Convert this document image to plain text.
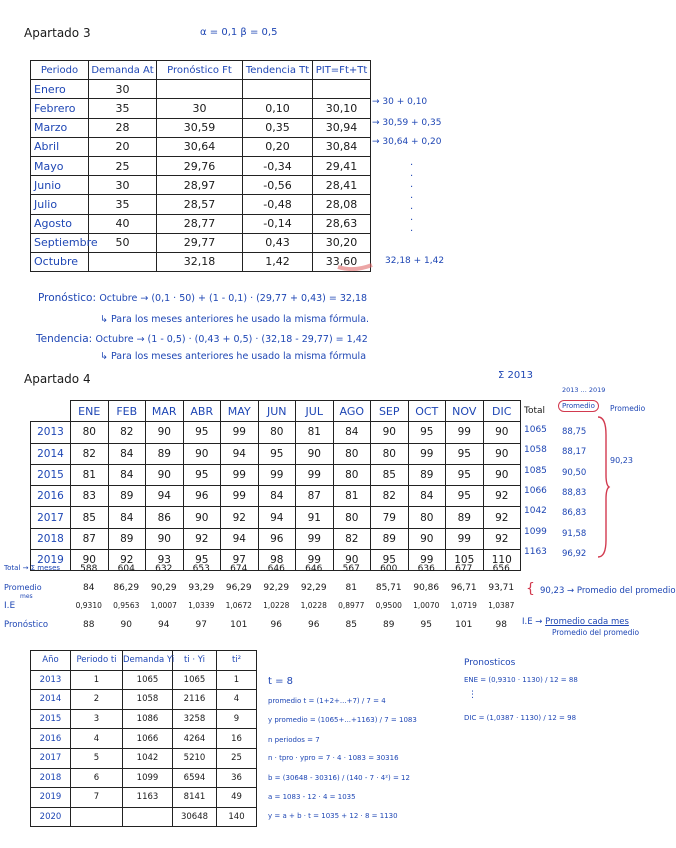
Apartado 3	α = 0,1 β = 0,5
Periodo	Demanda At	Pronóstico Ft	Tendencia Tt	PIT=Ft+Tt
Enero	30			
Febrero	35	30	0,10	30,10
Marzo	28	30,59	0,35	30,94
Abril	20	30,64	0,20	30,84
Mayo	25	29,76	-0,34	29,41
Junio	30	28,97	-0,56	28,41
Julio	35	28,57	-0,48	28,08
Agosto	40	28,77	-0,14	28,63
Septiembre	50	29,77	0,43	30,20
Octubre		32,18	1,42	33,60
→ 30 + 0,10
→ 30,59 + 0,35
→ 30,64 + 0,20
·
·
·
·
·
·
·
32,18 + 1,42
Pronóstico: Octubre → (0,1 · 50) + (1 - 0,1) · (29,77 + 0,43) = 32,18
↳ Para los meses anteriores he usado la misma fórmula.
Tendencia: Octubre → (1 - 0,5) · (0,43 + 0,5) · (32,18 - 29,77) = 1,42
↳ Para los meses anteriores he usado la misma fórmula
Apartado 4	Σ 2013
	ENE	FEB	MAR	ABR	MAY	JUN	JUL	AGO	SEP	OCT	NOV	DIC
2013	80	82	90	95	99	80	81	84	90	95	99	90
2014	82	84	89	90	94	95	90	80	80	99	95	90
2015	81	84	90	95	99	99	99	80	85	89	95	90
2016	83	89	94	96	99	84	87	81	82	84	95	92
2017	85	84	86	90	92	94	91	80	79	80	89	92
2018	87	89	90	92	94	96	99	82	89	90	99	92
2019	90	92	93	95	97	98	99	90	95	99	105	110
Total	Promedio
2013 ... 2019
Promedio
1065 88,75
1058 88,17
1085 90,50
1066 88,83
1042 86,83
1099 91,58
1163 96,92
90,23
Total → Σ meses	588	604	632	653	674	646	646	567	600	636	677	656
Promedio	84	86,29	90,29	93,29	96,29	92,29	92,29	81	85,71	90,86	96,71	93,71
I.E	0,9310	0,9563	1,0007	1,0339	1,0672	1,0228	1,0228	0,8977	0,9500	1,0070	1,0719	1,0387
Pronóstico	88	90	94	97	101	96	96	85	89	95	101	98
mes	{ 90,23 → Promedio del promedio
I.E → Promedio cada mes
Promedio del promedio
Año	Periodo ti	Demanda Yi	ti · Yi	ti²
2013	1	1065	1065	1
2014	2	1058	2116	4
2015	3	1086	3258	9
2016	4	1066	4264	16
2017	5	1042	5210	25
2018	6	1099	6594	36
2019	7	1163	8141	49
2020			30648	140
t = 8
promedio t = (1+2+...+7) / 7 = 4
y promedio = (1065+...+1163) / 7 = 1083
n periodos = 7
n · tpro · ypro = 7 · 4 · 1083 = 30316
b = (30648 - 30316) / (140 - 7 · 4²) = 12
a = 1083 - 12 · 4 = 1035
y = a + b · t = 1035 + 12 · 8 = 1130
Pronosticos
ENE = (0,9310 · 1130) / 12 = 88
⋮
DIC = (1,0387 · 1130) / 12 = 98
